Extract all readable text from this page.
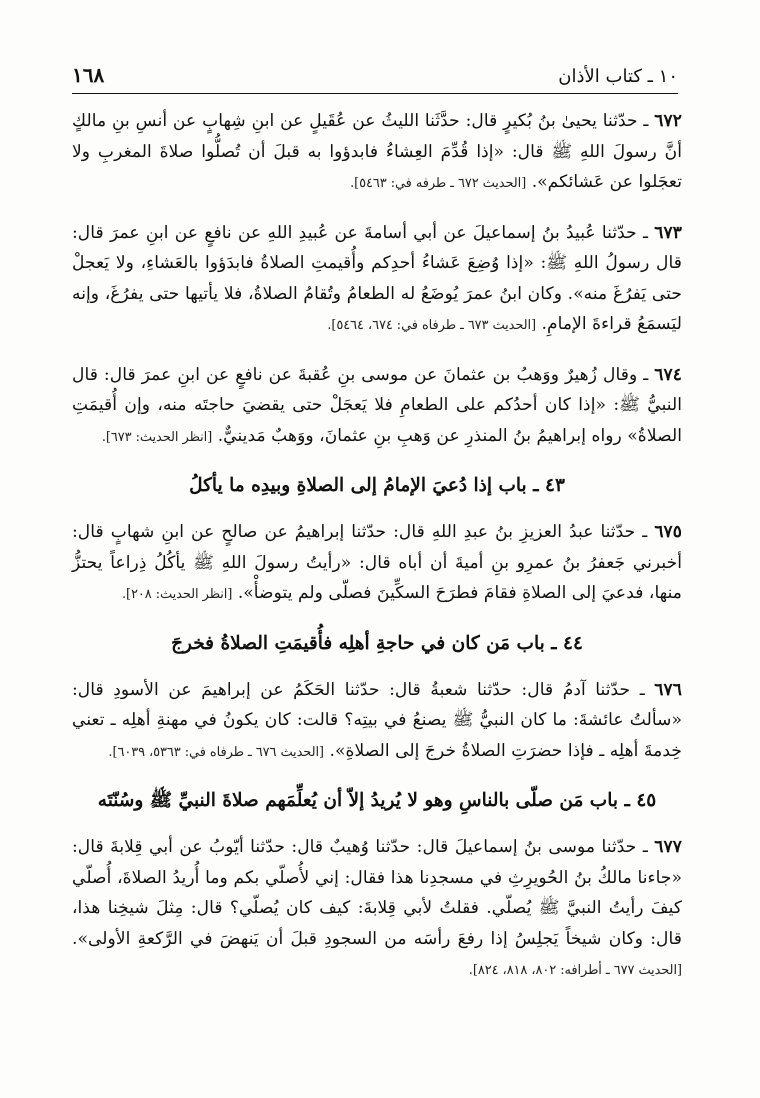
١٦٨	١٠ ـ كتاب الأذان

٦٧٢ ـ حدّثنا يحيىٰ بنُ بُكيرٍ قال: حدَّثَنا الليثُ عن عُقَيلٍ عن ابنِ شِهابٍ عن أنسِ بنِ مالكٍ أنَّ رسولَ اللهِ ﷺ قال: «إذا قُدِّمَ العِشاءُ فابدؤوا به قبلَ أن تُصلُّوا صلاةَ المغربِ ولا تعجَلوا عن عَشائكم». [الحديث ٦٧٢ ـ طرفه في: ٥٤٦٣].

٦٧٣ ـ حدّثنا عُبيدُ بنُ إسماعيلَ عن أبي أسامةَ عن عُبيدِ اللهِ عن نافعٍ عن ابنِ عمرَ قال: قال رسولُ اللهِ ﷺ: «إذا وُضِعَ عَشاءُ أحدِكم وأُقيمتِ الصلاةُ فابدَؤوا بالعَشاءِ، ولا يَعجلْ حتى يَفرُغَ منه». وكان ابنُ عمرَ يُوضَعُ له الطعامُ وتُقامُ الصلاةُ، فلا يأتيها حتى يفرُغَ، وإنه ليَسمَعُ قراءةَ الإمامِ. [الحديث ٦٧٣ ـ طرفاه في: ٦٧٤، ٥٤٦٤].

٦٧٤ ـ وقال زُهيرٌ ووَهبُ بن عثمانَ عن موسى بنِ عُقبةَ عن نافعٍ عن ابنِ عمرَ قال: قال النبيُّ ﷺ: «إذا كان أحدُكم على الطعامِ فلا يَعجَلْ حتى يقضيَ حاجتَه منه، وإن أُقيمَتِ الصلاةُ» رواه إبراهيمُ بنُ المنذرِ عن وَهبِ بنِ عثمانَ، ووَهبٌ مَدينيٌّ. [انظر الحديث: ٦٧٣].

٤٣ ـ باب إذا دُعيَ الإمامُ إلى الصلاةِ وبيدِه ما يأكلُ

٦٧٥ ـ حدّثنا عبدُ العزيزِ بنُ عبدِ اللهِ قال: حدّثنا إبراهيمُ عن صالحٍ عن ابنِ شهابٍ قال: أخبرني جَعفرُ بنُ عمرِو بنِ أميةَ أن أباه قال: «رأيتُ رسولَ اللهِ ﷺ يأكُلُ ذِراعاً يحتزُّ منها، فدعيَ إلى الصلاةِ فقامَ فطرَحَ السكِّينَ فصلّى ولم يتوضأْ». [انظر الحديث: ٢٠٨].

٤٤ ـ باب مَن كان في حاجةِ أهلِه فأُقيمَتِ الصلاةُ فخرجَ

٦٧٦ ـ حدّثنا آدمُ قال: حدّثنا شعبةُ قال: حدّثنا الحَكَمُ عن إبراهيمَ عن الأسودِ قال: «سألتُ عائشةَ: ما كان النبيُّ ﷺ يصنعُ في بيتِه؟ قالت: كان يكونُ في مهنةِ أهلِه ـ تعني خِدمةَ أهلِه ـ فإذا حضرَتِ الصلاةُ خرجَ إلى الصلاةِ». [الحديث ٦٧٦ ـ طرفاه في: ٥٣٦٣، ٦٠٣٩].

٤٥ ـ باب مَن صلّى بالناسِ وهو لا يُريدُ إلاّ أن يُعلِّمَهم صلاةَ النبيِّ ﷺ وسُنّتَه

٦٧٧ ـ حدّثنا موسى بنُ إسماعيلَ قال: حدّثنا وُهيبٌ قال: حدّثنا أيّوبُ عن أبي قِلابةَ قال: «جاءنا مالكُ بنُ الحُويرِثِ في مسجدِنا هذا فقال: إني لأُصلّي بكم وما أُريدُ الصلاةَ، أُصلّي كيفَ رأيتُ النبيَّ ﷺ يُصلّي. فقلتُ لأبي قِلابةَ: كيف كان يُصلّي؟ قال: مِثلَ شيخِنا هذا، قال: وكان شيخاً يَجلِسُ إذا رفعَ رأسَه من السجودِ قبلَ أن يَنهضَ في الرَّكعةِ الأولى». [الحديث ٦٧٧ ـ أطرافه: ٨٠٢، ٨١٨، ٨٢٤].
